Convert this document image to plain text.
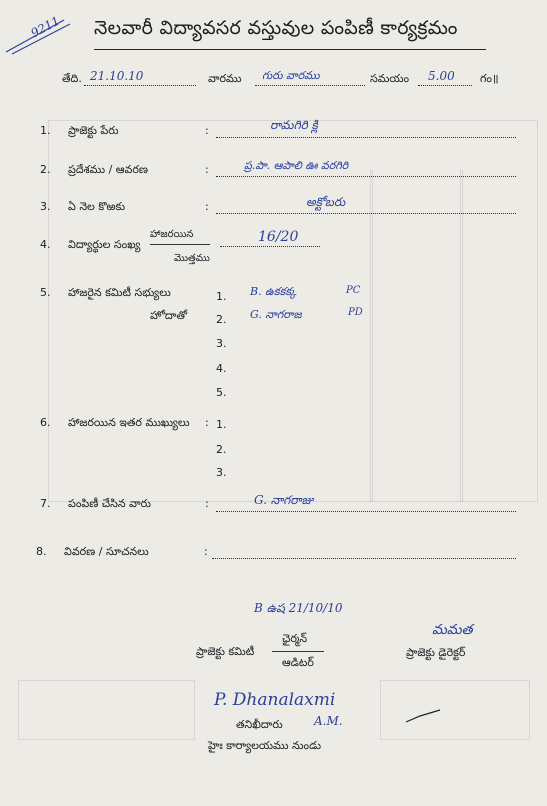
9211 నెలవారీ విద్యావసర వస్తువుల పంపిణీ కార్యక్రమం
తేది. 21.10.10	వారము గురు వారము	సమయం 5.00 గం॥
1. ప్రాజెక్టు పేరు	:	రామగిరి క్లి
2. ప్రదేశము / ఆవరణ	:	ప్ర.పా. ఆపాలి ఊ వరగిరి
3. ఏ నెల కొఱకు	:	అక్టోబరు
4. విద్యార్థుల సంఖ్య
హాజరయిన
మొత్తము
16/20
5. హాజరైన కమిటీ సభ్యులు
హోదాతో
1. B. ఉకకక్క	PC
2. G. నాగరాజ	PD
3.
4.
5.
6. హాజరయిన ఇతర ముఖ్యులు : 1.
2.
3.
7. పంపిణీ చేసిన వారు	:	G. నాగరాజు
8. వివరణ / సూచనలు	:
B ఉష 21/10/10
ప్రాజెక్టు కమిటీ
ఛైర్మన్
ఆడిటర్
మమత
ప్రాజెక్టు డైరెక్టర్
P. Dhanalaxmi
తనిఖీదారు	A.M.
హైః కార్యాలయము నుండు
